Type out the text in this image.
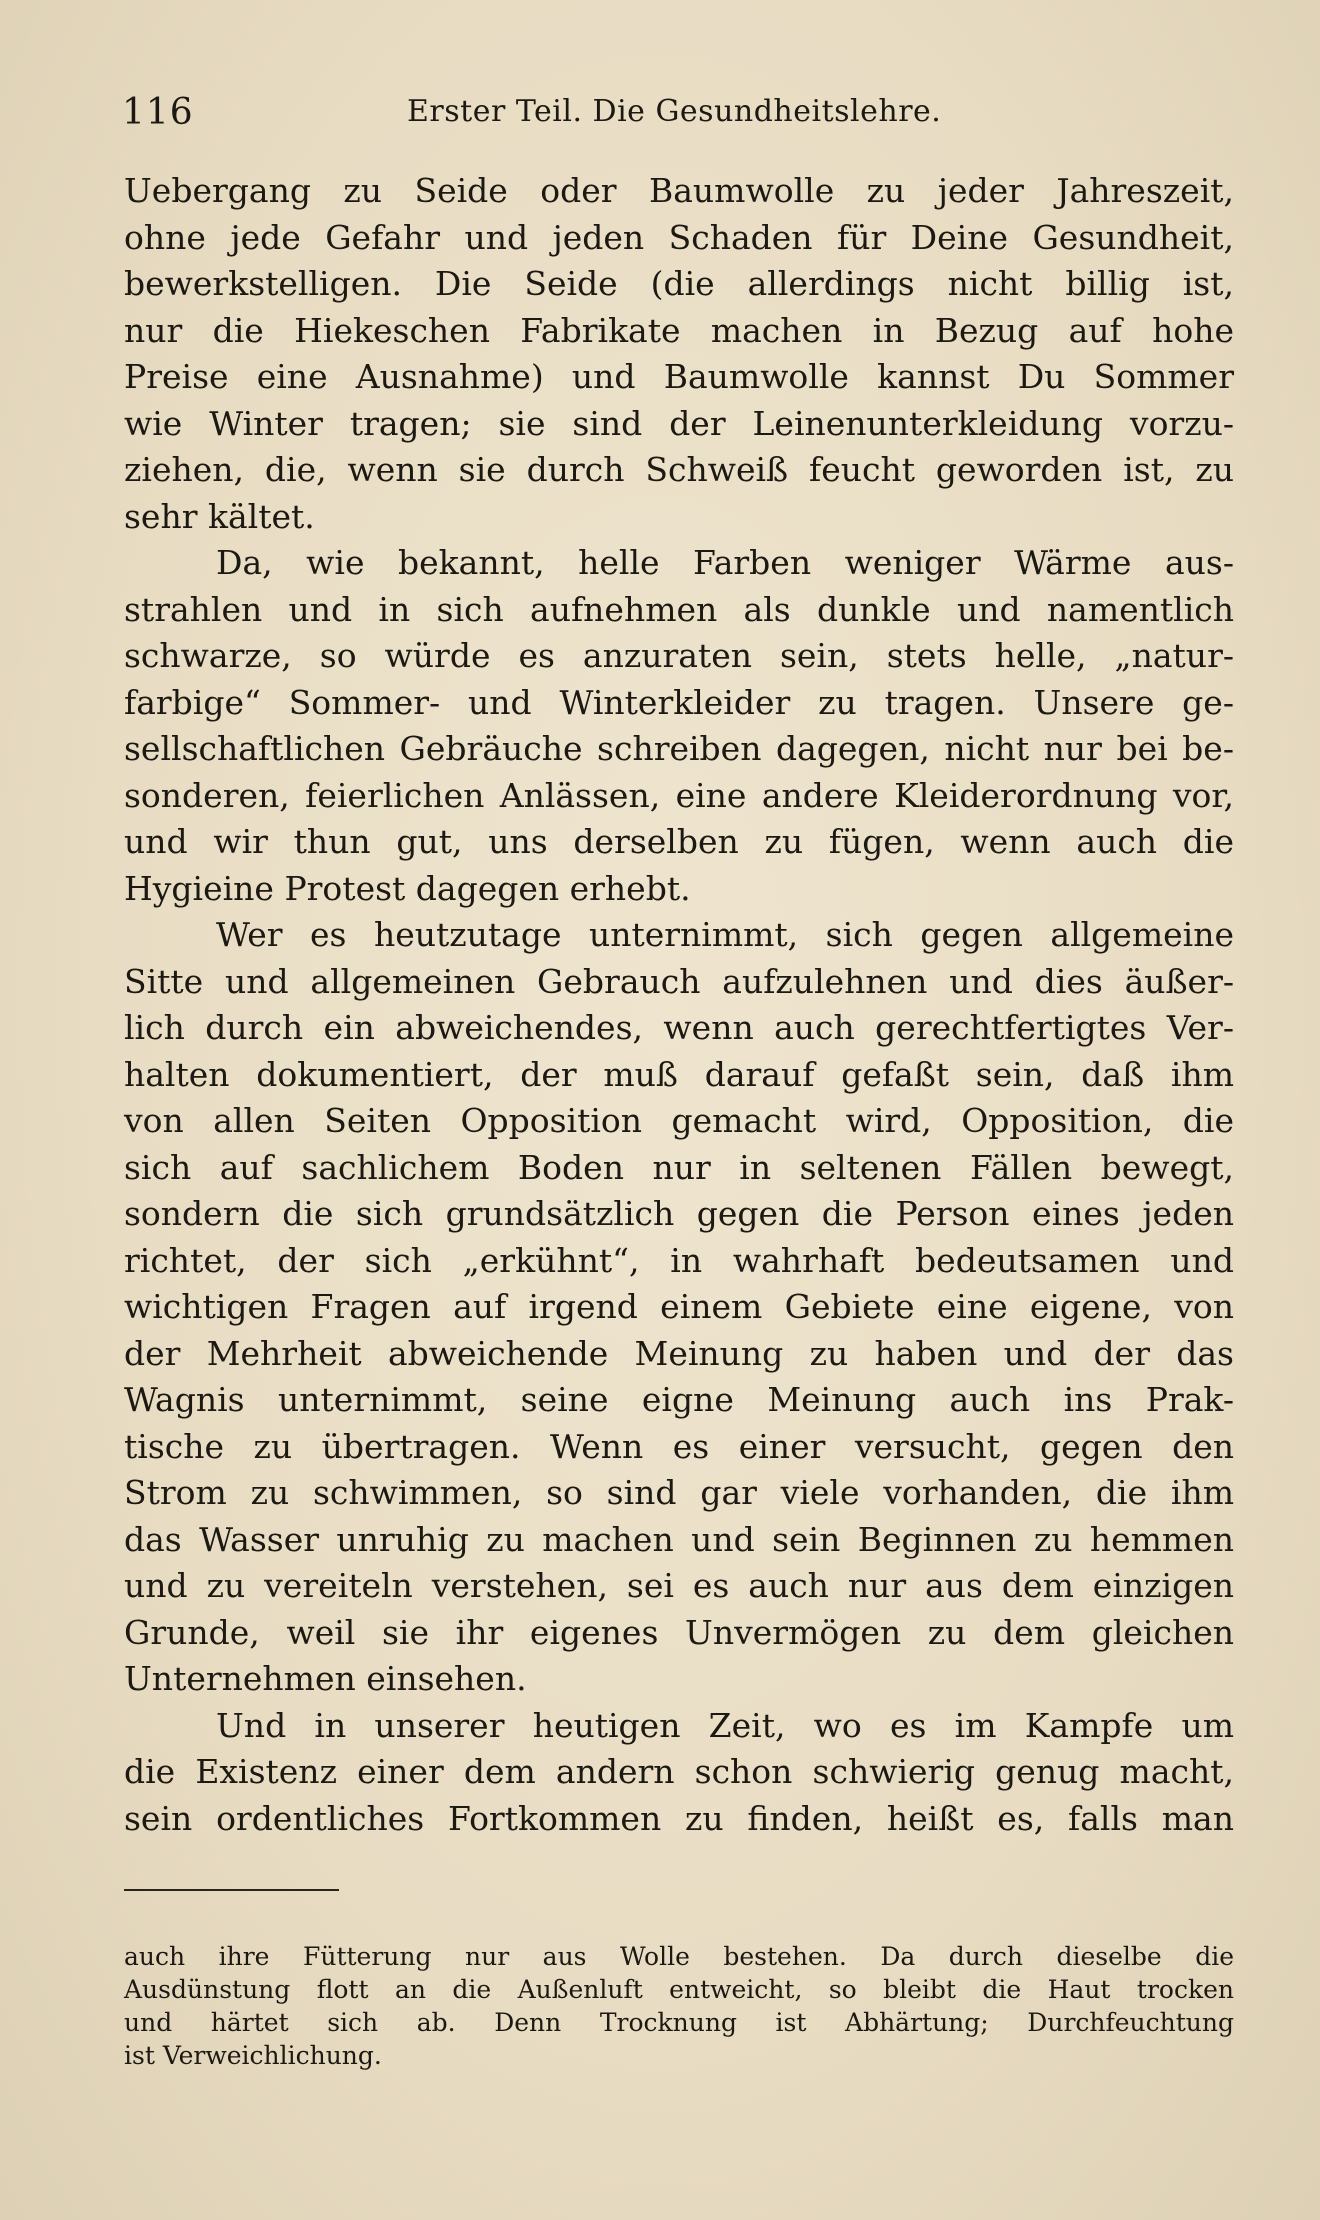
116	Erster Teil. Die Gesundheitslehre.
Uebergang zu Seide oder Baumwolle zu jeder Jahreszeit,
ohne jede Gefahr und jeden Schaden für Deine Gesundheit,
bewerkstelligen. Die Seide (die allerdings nicht billig ist,
nur die Hiekeschen Fabrikate machen in Bezug auf hohe
Preise eine Ausnahme) und Baumwolle kannst Du Sommer
wie Winter tragen; sie sind der Leinenunterkleidung vorzu-
ziehen, die, wenn sie durch Schweiß feucht geworden ist, zu
sehr kältet.
Da, wie bekannt, helle Farben weniger Wärme aus-
strahlen und in sich aufnehmen als dunkle und namentlich
schwarze, so würde es anzuraten sein, stets helle, „natur-
farbige“ Sommer- und Winterkleider zu tragen. Unsere ge-
sellschaftlichen Gebräuche schreiben dagegen, nicht nur bei be-
sonderen, feierlichen Anlässen, eine andere Kleiderordnung vor,
und wir thun gut, uns derselben zu fügen, wenn auch die
Hygieine Protest dagegen erhebt.
Wer es heutzutage unternimmt, sich gegen allgemeine
Sitte und allgemeinen Gebrauch aufzulehnen und dies äußer-
lich durch ein abweichendes, wenn auch gerechtfertigtes Ver-
halten dokumentiert, der muß darauf gefaßt sein, daß ihm
von allen Seiten Opposition gemacht wird, Opposition, die
sich auf sachlichem Boden nur in seltenen Fällen bewegt,
sondern die sich grundsätzlich gegen die Person eines jeden
richtet, der sich „erkühnt“, in wahrhaft bedeutsamen und
wichtigen Fragen auf irgend einem Gebiete eine eigene, von
der Mehrheit abweichende Meinung zu haben und der das
Wagnis unternimmt, seine eigne Meinung auch ins Prak-
tische zu übertragen. Wenn es einer versucht, gegen den
Strom zu schwimmen, so sind gar viele vorhanden, die ihm
das Wasser unruhig zu machen und sein Beginnen zu hemmen
und zu vereiteln verstehen, sei es auch nur aus dem einzigen
Grunde, weil sie ihr eigenes Unvermögen zu dem gleichen
Unternehmen einsehen.
Und in unserer heutigen Zeit, wo es im Kampfe um
die Existenz einer dem andern schon schwierig genug macht,
sein ordentliches Fortkommen zu finden, heißt es, falls man
auch ihre Fütterung nur aus Wolle bestehen. Da durch dieselbe die
Ausdünstung flott an die Außenluft entweicht, so bleibt die Haut trocken
und härtet sich ab. Denn Trocknung ist Abhärtung; Durchfeuchtung
ist Verweichlichung.
